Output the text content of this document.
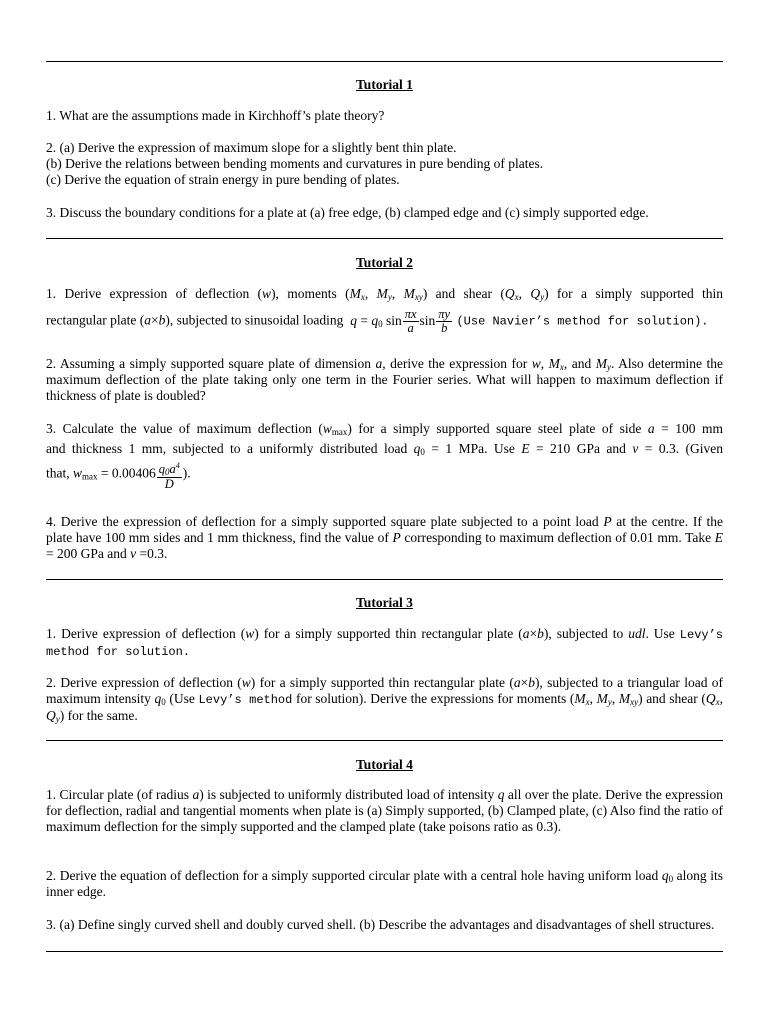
Tutorial 1
1. What are the assumptions made in Kirchhoff’s plate theory?
2. (a) Derive the expression of maximum slope for a slightly bent thin plate.
(b) Derive the relations between bending moments and curvatures in pure bending of plates.
(c) Derive the equation of strain energy in pure bending of plates.
3. Discuss the boundary conditions for a plate at (a) free edge, (b) clamped edge and (c) simply supported edge.
Tutorial 2
1. Derive expression of deflection (w), moments ($M_x$, $M_y$, $M_{xy}$) and shear ($Q_x$, $Q_y$) for a simply supported thin
rectangular plate (a×b), subjected to sinusoidal loading  $q = q_0$ $\sin \frac{\pi x}{a}$ $\sin \frac{\pi y}{b} (Use$ Navier’s method for solution).
2. Assuming a simply supported square plate of dimension a, derive the expression for w, $M_x$, and $M_y$. Also determine the maximum deflection of the plate taking only one term in the Fourier series. What will happen to maximum deflection if thickness of plate is doubled?
3. Calculate the value of maximum deflection $(w_{max})$ for a simply supported square steel plate of side a = 100 mm
and thickness 1 mm, subjected to a uniformly distributed load $q_0 = 1$ MPa. Use E = 210 GPa and ν = 0.3. (Given
that, $w_{max} = 0.00406 \frac{q_0a^4}{D}$ ).
4. Derive the expression of deflection for a simply supported square plate subjected to a point load P at the centre. If the plate have 100 mm sides and 1 mm thickness, find the value of P corresponding to maximum deflection of 0.01 mm. Take E = 200 GPa and ν =0.3.
Tutorial 3
1. Derive expression of deflection (w) for a simply supported thin rectangular plate (a×b), subjected to udl. Use Levy’s method for solution.
2. Derive expression of deflection (w) for a simply supported thin rectangular plate (a×b), subjected to a triangular load of maximum intensity $q_0$ (Use Levy’s method for solution). Derive the expressions for moments ($M_x$, $M_y$, $M_{xy}$) and shear ($Q_x$, $Q_y$) for the same.
Tutorial 4
1. Circular plate (of radius a) is subjected to uniformly distributed load of intensity q all over the plate. Derive the expression for deflection, radial and tangential moments when plate is (a) Simply supported, (b) Clamped plate, (c) Also find the ratio of maximum deflection for the simply supported and the clamped plate (take poisons ratio as 0.3).
2. Derive the equation of deflection for a simply supported circular plate with a central hole having uniform load $q_0$ along its inner edge.
3. (a) Define singly curved shell and doubly curved shell. (b) Describe the advantages and disadvantages of shell structures.
